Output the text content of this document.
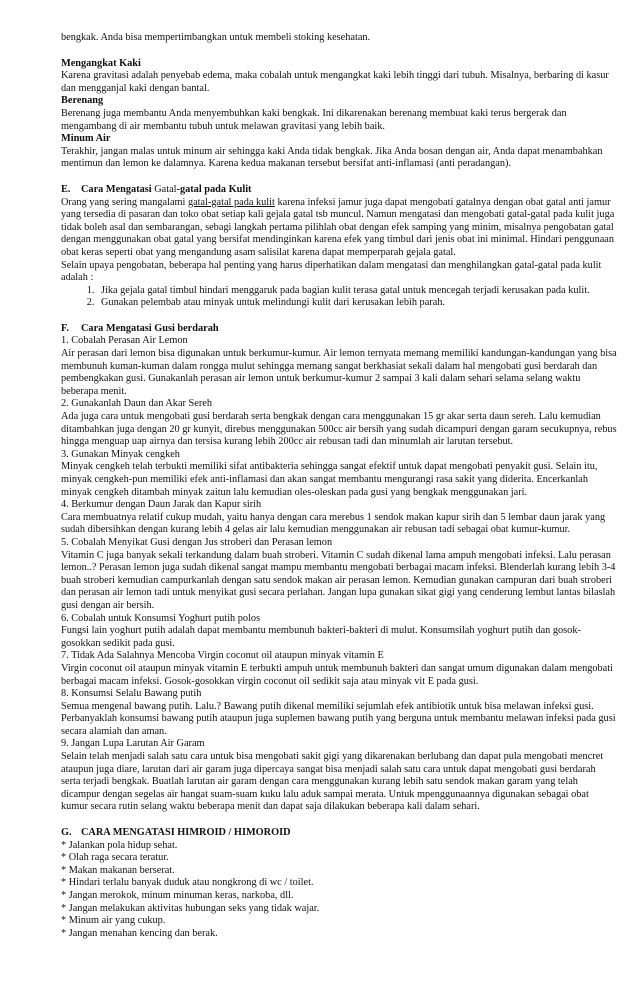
bengkak. Anda bisa mempertimbangkan untuk membeli stoking kesehatan.

Mengangkat Kaki

Karena gravitasi adalah penyebab edema, maka cobalah untuk mengangkat kaki lebih tinggi dari tubuh. Misalnya, berbaring di kasur dan mengganjal kaki dengan bantal.

Berenang

Berenang juga membantu Anda menyembuhkan kaki bengkak. Ini dikarenakan berenang membuat kaki terus bergerak dan mengambang di air membantu tubuh untuk melawan gravitasi yang lebih baik.

Minum Air

Terakhir, jangan malas untuk minum air sehingga kaki Anda tidak bengkak. Jika Anda bosan dengan air, Anda dapat menambahkan mentimun dan lemon ke dalamnya. Karena kedua makanan tersebut bersifat anti-inflamasi (anti peradangan).

E. Cara Mengatasi Gatal-gatal pada Kulit

Orang yang sering mangalami gatal-gatal pada kulit karena infeksi jamur juga dapat mengobati gatalnya dengan obat gatal anti jamur yang tersedia di pasaran dan toko obat setiap kali gejala gatal tsb muncul. Namun mengatasi dan mengobati gatal-gatal pada kulit juga tidak boleh asal dan sembarangan, sebagi langkah pertama pilihlah obat dengan efek samping yang minim, misalnya pengobatan gatal dengan menggunakan obat gatal yang bersifat mendinginkan karena efek yang timbul dari jenis obat ini minimal. Hindari penggunaan obat keras seperti obat yang mengandung asam salisilat karena dapat memperparah gejala gatal.

Selain upaya pengobatan, beberapa hal penting yang harus diperhatikan dalam mengatasi dan menghilangkan gatal-gatal pada kulit adalah :

1. Jika gejala gatal timbul hindari menggaruk pada bagian kulit terasa gatal untuk mencegah terjadi kerusakan pada kulit.
2. Gunakan pelembab atau minyak untuk melindungi kulit dari kerusakan lebih parah.

F. Cara Mengatasi Gusi berdarah

1. Cobalah Perasan Air Lemon

Air perasan dari lemon bisa digunakan untuk berkumur-kumur. Air lemon ternyata memang memiliki kandungan-kandungan yang bisa membunuh kuman-kuman dalam rongga mulut sehingga memang sangat berkhasiat sekali dalam hal mengobati gusi berdarah dan pembengkakan gusi. Gunakanlah perasan air lemon untuk berkumur-kumur 2 sampai 3 kali dalam sehari selama selang waktu beberapa menit.

2. Gunakanlah Daun dan Akar Sereh

Ada juga cara untuk mengobati gusi berdarah serta bengkak dengan cara menggunakan 15 gr akar serta daun sereh. Lalu kemudian ditambahkan juga dengan 20 gr kunyit, direbus menggunakan 500cc air bersih yang sudah dicampuri dengan garam secukupnya, rebus hingga menguap uap airnya dan tersisa kurang lebih 200cc air rebusan tadi dan minumlah air larutan tersebut.

3. Gunakan Minyak cengkeh

Minyak cengkeh telah terbukti memiliki sifat antibakteria sehingga sangat efektif untuk dapat mengobati penyakit gusi. Selain itu, minyak cengkeh-pun memiliki efek anti-inflamasi dan akan sangat membantu mengurangi rasa sakit yang diderita. Encerkanlah minyak cengkeh ditambah minyak zaitun lalu kemudian oles-oleskan pada gusi yang bengkak menggunakan jari.

4. Berkumur dengan Daun Jarak dan Kapur sirih

Cara membuatnya relatif cukup mudah, yaitu hanya dengan cara merebus 1 sendok makan kapur sirih dan 5 lembar daun jarak yang sudah dibersihkan dengan kurang lebih 4 gelas air lalu kemudian menggunakan air rebusan tadi sebagai obat kumur-kumur.

5. Cobalah Menyikat Gusi dengan Jus stroberi dan Perasan lemon

Vitamin C juga banyak sekali terkandung dalam buah stroberi. Vitamin C sudah dikenal lama ampuh mengobati infeksi. Lalu perasan lemon..? Perasan lemon juga sudah dikenal sangat mampu membantu mengobati berbagai macam infeksi. Blenderlah kurang lebih 3-4 buah stroberi kemudian campurkanlah dengan satu sendok makan air perasan lemon. Kemudian gunakan campuran dari buah stroberi dan perasan air lemon tadi untuk menyikat gusi secara perlahan. Jangan lupa gunakan sikat gigi yang cenderung lembut lantas bilaslah gusi dengan air bersih.

6. Cobalah untuk Konsumsi Yoghurt putih polos

Fungsi lain yoghurt putih adalah dapat membantu membunuh bakteri-bakteri di mulut. Konsumsilah yoghurt putih dan gosok-gosokkan sedikit pada gusi.

7. Tidak Ada Salahnya Mencoba Virgin coconut oil ataupun minyak vitamin E

Virgin coconut oil ataupun minyak vitamin E terbukti ampuh untuk membunuh bakteri dan sangat umum digunakan dalam mengobati berbagai macam infeksi. Gosok-gosokkan virgin coconut oil sedikit saja atau minyak vit E pada gusi.

8. Konsumsi Selalu Bawang putih

Semua mengenal bawang putih. Lalu.? Bawang putih dikenal memiliki sejumlah efek antibiotik untuk bisa melawan infeksi gusi. Perbanyaklah konsumsi bawang putih ataupun juga suplemen bawang putih yang berguna untuk membantu melawan infeksi pada gusi secara alamiah dan aman.

9. Jangan Lupa Larutan Air Garam

Selain telah menjadi salah satu cara untuk bisa mengobati sakit gigi yang dikarenakan berlubang dan dapat pula mengobati mencret ataupun juga diare, larutan dari air garam juga dipercaya sangat bisa menjadi salah satu cara untuk dapat mengobati gusi berdarah serta terjadi bengkak. Buatlah larutan air garam dengan cara menggunakan kurang lebih satu sendok makan garam yang telah dicampur dengan segelas air hangat suam-suam kuku lalu aduk sampai merata. Untuk mpenggunaannya digunakan sebagai obat kumur secara rutin selang waktu beberapa menit dan dapat saja dilakukan beberapa kali dalam sehari.

G. CARA MENGATASI HIMROID / HIMOROID

* Jalankan pola hidup sehat.

* Olah raga secara teratur.

* Makan makanan berserat.

* Hindari terlalu banyak duduk atau nongkrong di wc / toilet.

* Jangan merokok, minum minuman keras, narkoba, dll.

* Jangan melakukan aktivitas hubungan seks yang tidak wajar.

* Minum air yang cukup.

* Jangan menahan kencing dan berak.
